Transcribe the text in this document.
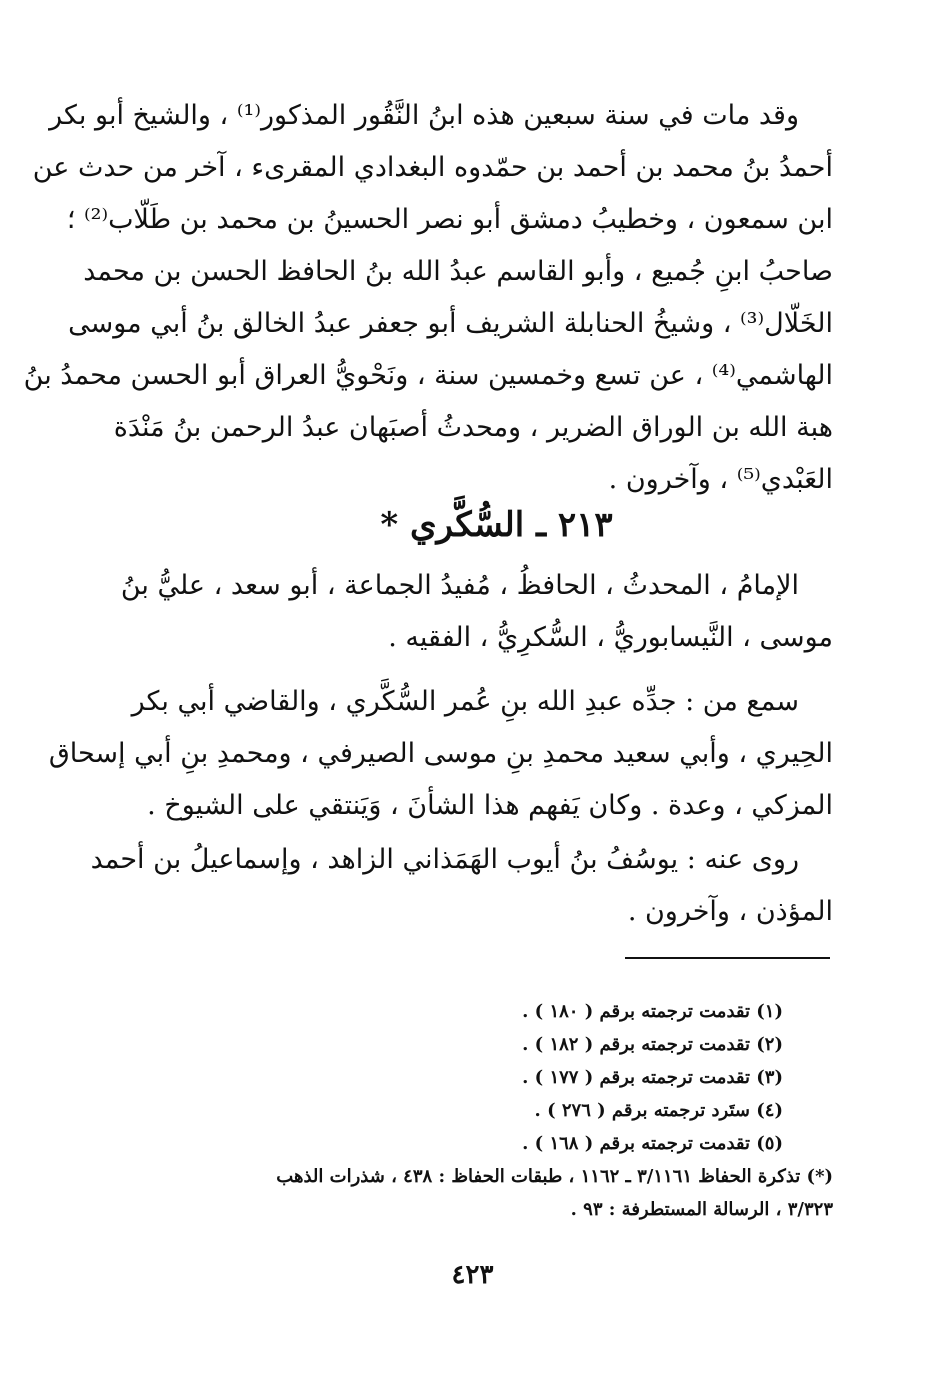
وقد مات في سنة سبعين هذه ابنُ النَّقُور المذكور⁽¹⁾ ، والشيخ أبو بكر
أحمدُ بنُ محمد بن أحمد بن حمّدوه البغدادي المقرىء ، آخر من حدث عن
ابن سمعون ، وخطيبُ دمشق أبو نصر الحسينُ بن محمد بن طَلّاب⁽²⁾ ؛
صاحبُ ابنِ جُميع ، وأبو القاسم عبدُ الله بنُ الحافظ الحسن بن محمد
الخَلّال⁽³⁾ ، وشيخُ الحنابلة الشريف أبو جعفر عبدُ الخالق بنُ أبي موسى
الهاشمي⁽⁴⁾ ، عن تسع وخمسين سنة ، ونَحْويُّ العراق أبو الحسن محمدُ بنُ
هبة الله بن الوراق الضرير ، ومحدثُ أصبَهان عبدُ الرحمن بنُ مَنْدَة
العَبْدي⁽⁵⁾ ، وآخرون .
٢١٣ ـ السُّكَّري *
الإمامُ ، المحدثُ ، الحافظُ ، مُفيدُ الجماعة ، أبو سعد ، عليُّ بنُ
موسى ، النَّيسابوريُّ ، السُّكرِيُّ ، الفقيه .
سمع من : جدِّه عبدِ الله بنِ عُمر السُّكَّري ، والقاضي أبي بكر
الحِيري ، وأبي سعيد محمدِ بنِ موسى الصيرفي ، ومحمدِ بنِ أبي إسحاق
المزكي ، وعدة . وكان يَفهم هذا الشأنَ ، وَيَنتقي على الشيوخ .
روى عنه : يوسُفُ بنُ أيوب الهَمَذاني الزاهد ، وإسماعيلُ بن أحمد
المؤذن ، وآخرون .
(١) تقدمت ترجمته برقم ( ١٨٠ ) .
(٢) تقدمت ترجمته برقم ( ١٨٢ ) .
(٣) تقدمت ترجمته برقم ( ١٧٧ ) .
(٤) ستَرد ترجمته برقم ( ٢٧٦ ) .
(٥) تقدمت ترجمته برقم ( ١٦٨ ) .
(*) تذكرة الحفاظ ٣/١١٦١ ـ ١١٦٢ ، طبقات الحفاظ : ٤٣٨ ، شذرات الذهب
٣/٣٢٣ ، الرسالة المستطرفة : ٩٣ .
٤٢٣
